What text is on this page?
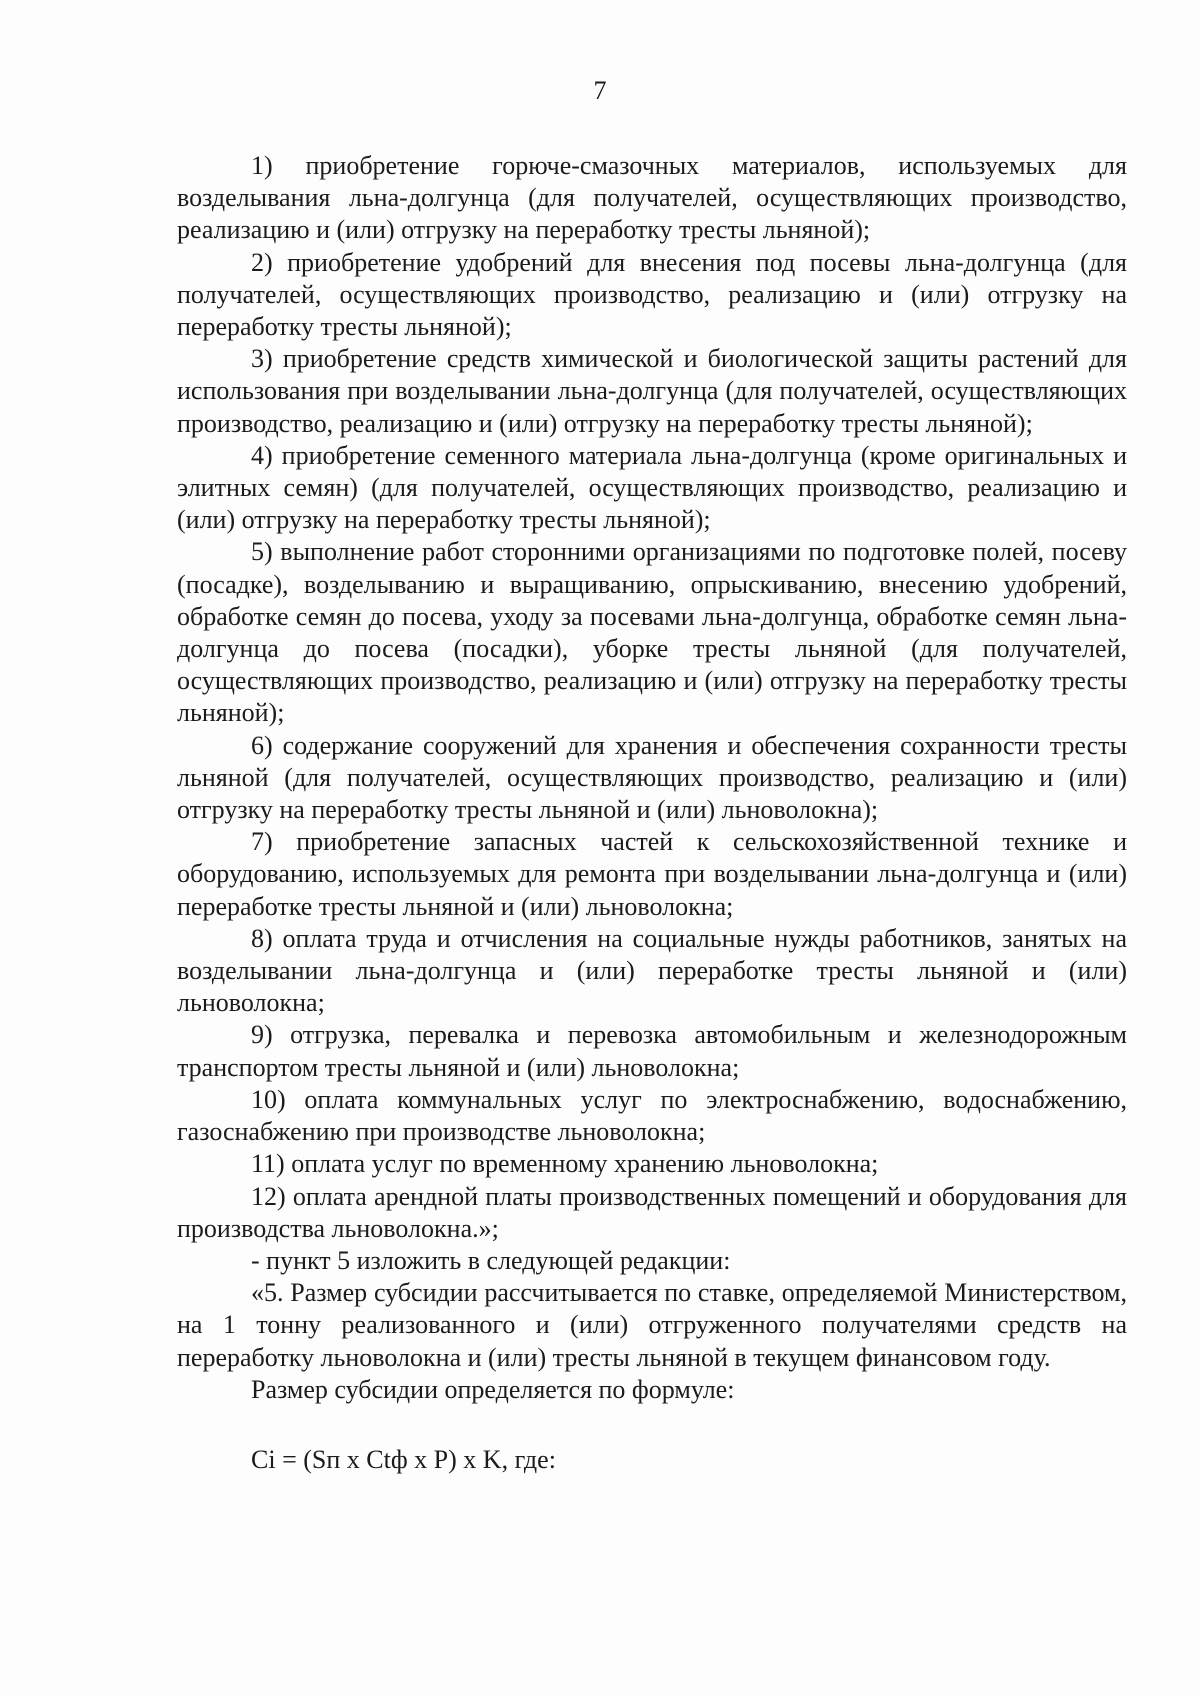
7

1) приобретение горюче-смазочных материалов, используемых для возделывания льна-долгунца (для получателей, осуществляющих производство, реализацию и (или) отгрузку на переработку тресты льняной);

2) приобретение удобрений для внесения под посевы льна-долгунца (для получателей, осуществляющих производство, реализацию и (или) отгрузку на переработку тресты льняной);

3) приобретение средств химической и биологической защиты растений для использования при возделывании льна-долгунца (для получателей, осуществляющих производство, реализацию и (или) отгрузку на переработку тресты льняной);

4) приобретение семенного материала льна-долгунца (кроме оригинальных и элитных семян) (для получателей, осуществляющих производство, реализацию и (или) отгрузку на переработку тресты льняной);

5) выполнение работ сторонними организациями по подготовке полей, посеву (посадке), возделыванию и выращиванию, опрыскиванию, внесению удобрений, обработке семян до посева, уходу за посевами льна-долгунца, обработке семян льна-долгунца до посева (посадки), уборке тресты льняной (для получателей, осуществляющих производство, реализацию и (или) отгрузку на переработку тресты льняной);

6) содержание сооружений для хранения и обеспечения сохранности тресты льняной (для получателей, осуществляющих производство, реализацию и (или) отгрузку на переработку тресты льняной и (или) льноволокна);

7) приобретение запасных частей к сельскохозяйственной технике и оборудованию, используемых для ремонта при возделывании льна-долгунца и (или) переработке тресты льняной и (или) льноволокна;

8) оплата труда и отчисления на социальные нужды работников, занятых на возделывании льна-долгунца и (или) переработке тресты льняной и (или) льноволокна;

9) отгрузка, перевалка и перевозка автомобильным и железнодорожным транспортом тресты льняной и (или) льноволокна;

10) оплата коммунальных услуг по электроснабжению, водоснабжению, газоснабжению при производстве льноволокна;

11) оплата услуг по временному хранению льноволокна;

12) оплата арендной платы производственных помещений и оборудования для производства льноволокна.»;

- пункт 5 изложить в следующей редакции:

«5. Размер субсидии рассчитывается по ставке, определяемой Министерством, на 1 тонну реализованного и (или) отгруженного получателями средств на переработку льноволокна и (или) тресты льняной в текущем финансовом году.

Размер субсидии определяется по формуле:

Ci = (Sп x Ctф x P) x K, где:
